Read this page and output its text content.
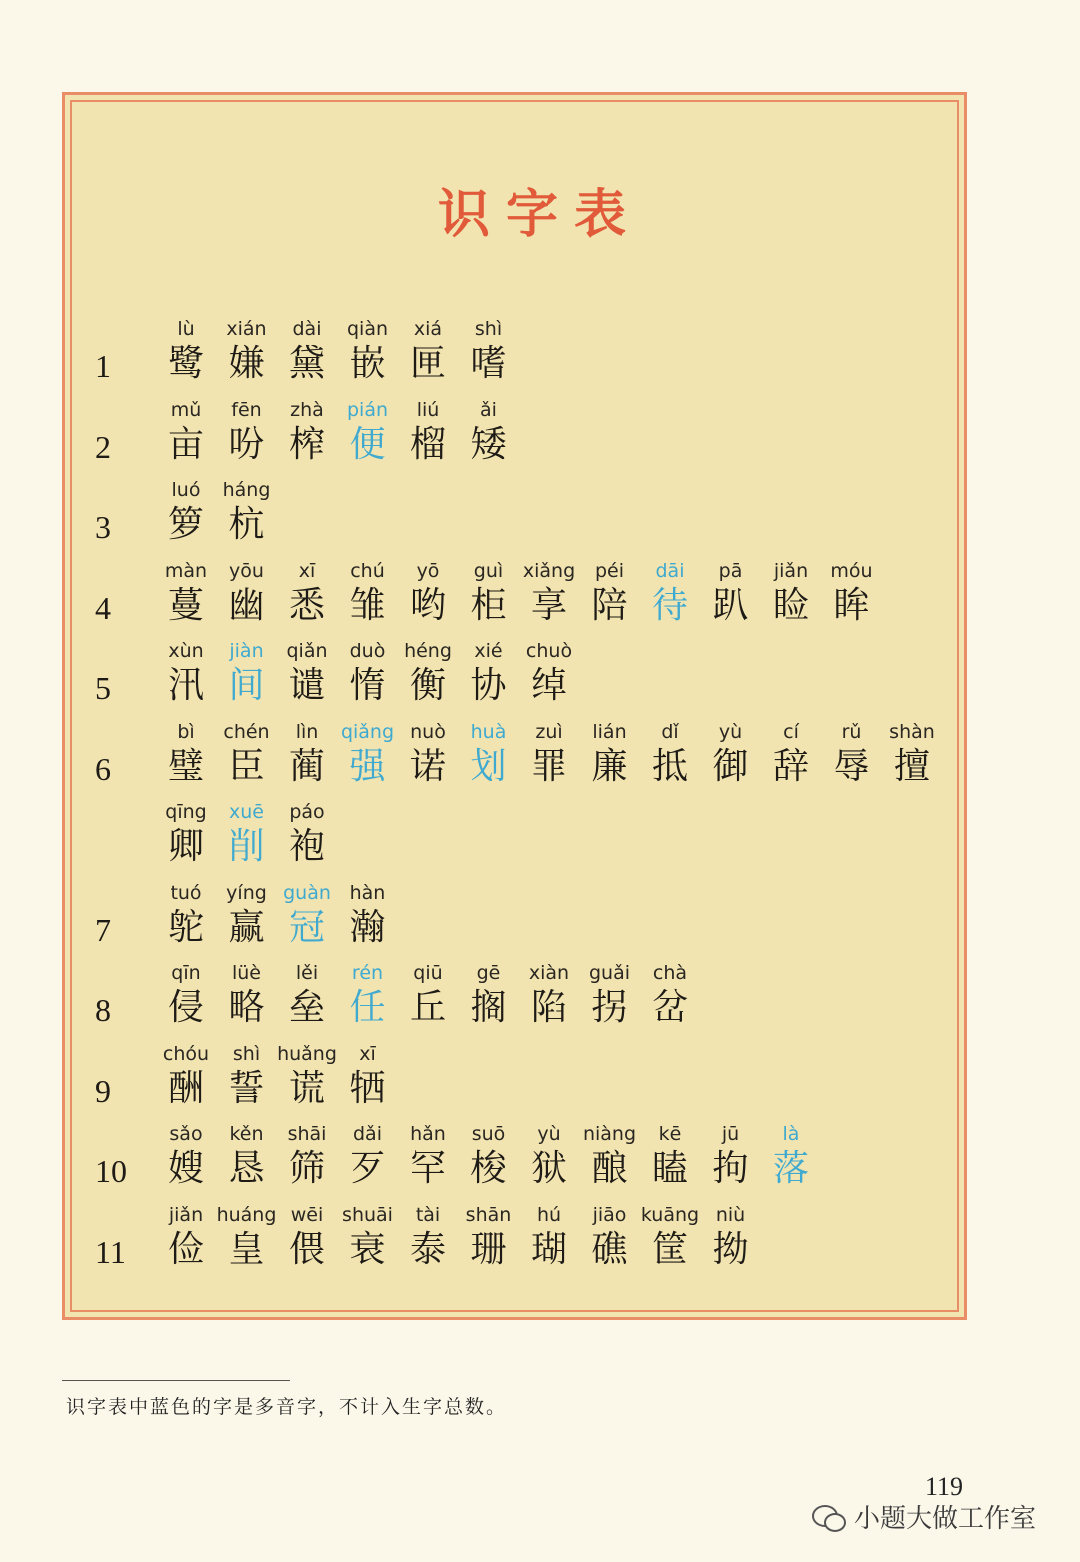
识字表
1
lù
鹭
xián
嫌
dài
黛
qiàn
嵌
xiá
匣
shì
嗜
2
mǔ
亩
fēn
吩
zhà
榨
pián
便
liú
榴
ǎi
矮
3
luó
箩
háng
杭
4
màn
蔓
yōu
幽
xī
悉
chú
雏
yō
哟
guì
柜
xiǎng
享
péi
陪
dāi
待
pā
趴
jiǎn
睑
móu
眸
5
xùn
汛
jiàn
间
qiǎn
谴
duò
惰
héng
衡
xié
协
chuò
绰
6
bì
璧
chén
臣
lìn
蔺
qiǎng
强
nuò
诺
huà
划
zuì
罪
lián
廉
dǐ
抵
yù
御
cí
辞
rǔ
辱
shàn
擅
qīng
卿
xuē
削
páo
袍
7
tuó
鸵
yíng
赢
guàn
冠
hàn
瀚
8
qīn
侵
lüè
略
lěi
垒
rén
任
qiū
丘
gē
搁
xiàn
陷
guǎi
拐
chà
岔
9
chóu
酬
shì
誓
huǎng
谎
xī
牺
10
sǎo
嫂
kěn
恳
shāi
筛
dǎi
歹
hǎn
罕
suō
梭
yù
狱
niàng
酿
kē
瞌
jū
拘
là
落
11
jiǎn
俭
huáng
皇
wēi
偎
shuāi
衰
tài
泰
shān
珊
hú
瑚
jiāo
礁
kuāng
筐
niù
拗
识字表中蓝色的字是多音字，不计入生字总数。
119
小题大做工作室
